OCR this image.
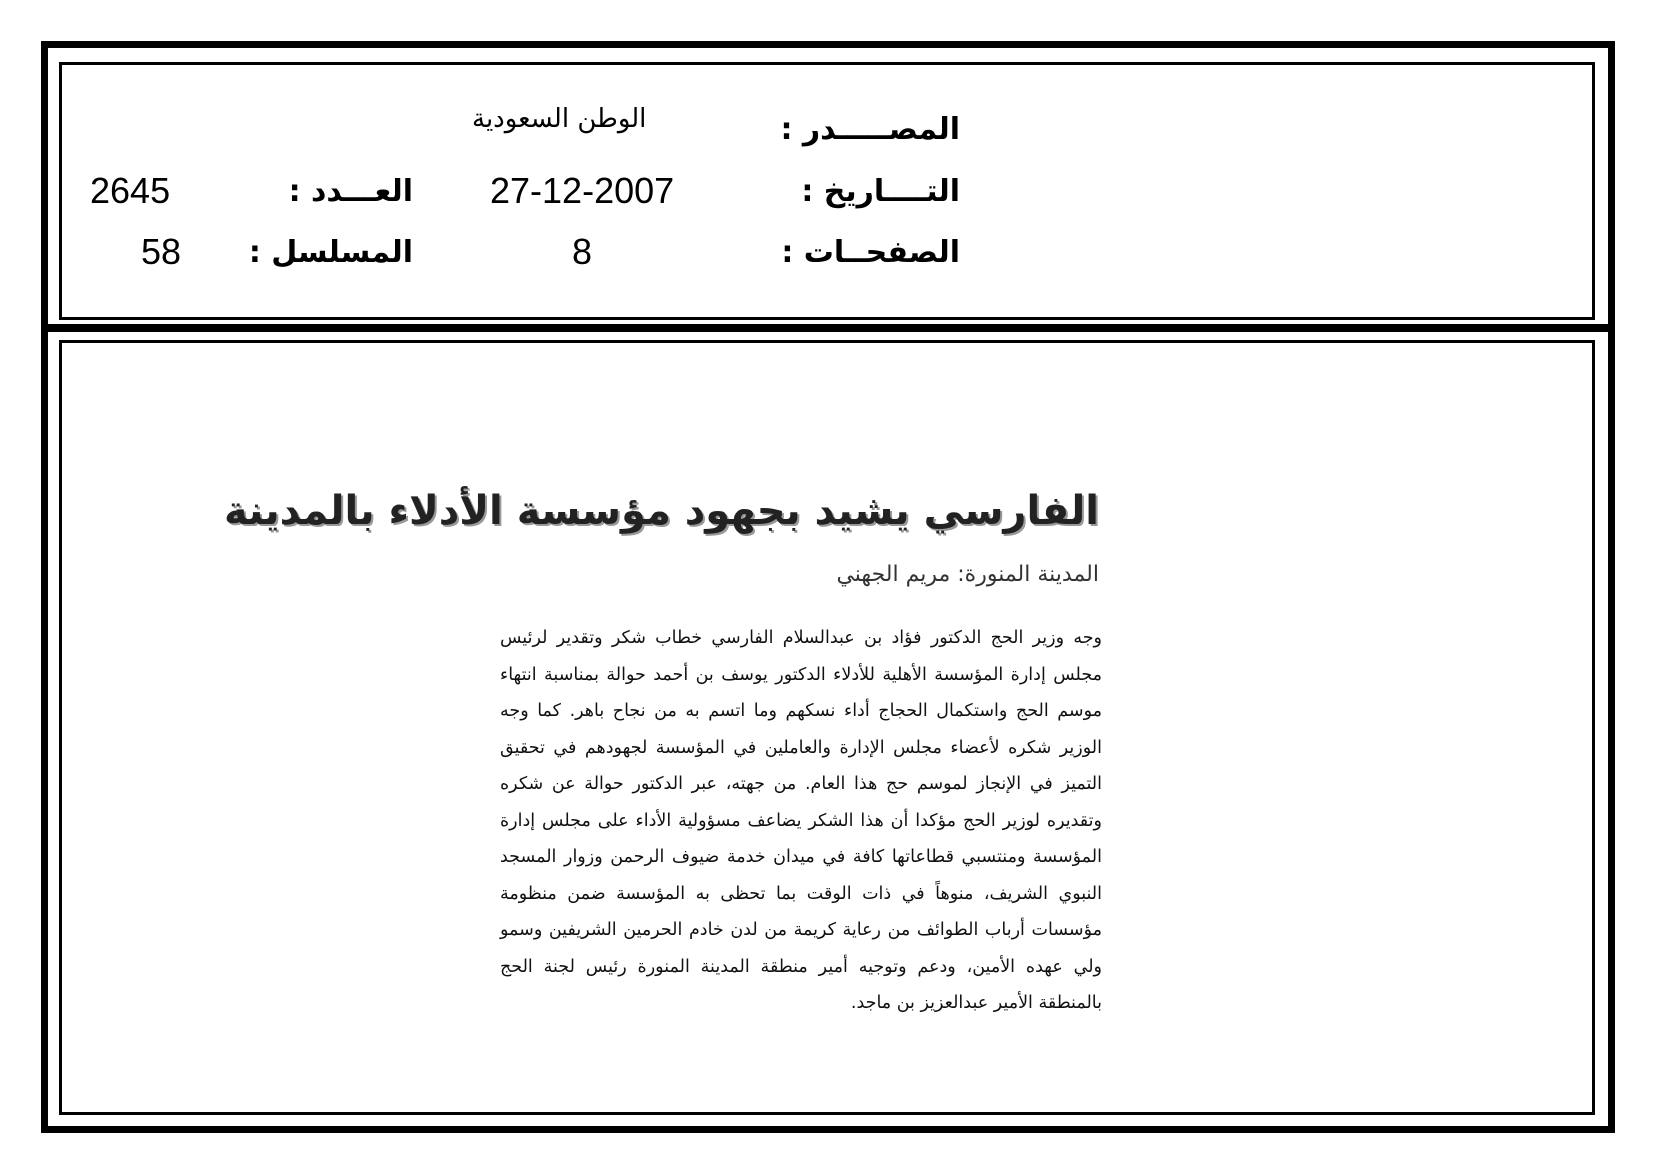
المصـــــدر :
الوطن السعودية
التــــاريخ :
27-12-2007
العـــدد :
2645
الصفحــات :
8
المسلسل :
58
الفارسي يشيد بجهود مؤسسة الأدلاء بالمدينة
المدينة المنورة: مريم الجهني
وجه وزير الحج الدكتور فؤاد بن عبدالسلام الفارسي خطاب شكر وتقدير لرئيس مجلس إدارة المؤسسة الأهلية للأدلاء الدكتور يوسف بن أحمد حوالة بمناسبة انتهاء موسم الحج واستكمال الحجاج أداء نسكهم وما اتسم به من نجاح باهر. كما وجه الوزير شكره لأعضاء مجلس الإدارة والعاملين في المؤسسة لجهودهم في تحقيق التميز في الإنجاز لموسم حج هذا العام. من جهته، عبر الدكتور حوالة عن شكره وتقديره لوزير الحج مؤكدا أن هذا الشكر يضاعف مسؤولية الأداء على مجلس إدارة المؤسسة ومنتسبي قطاعاتها كافة في ميدان خدمة ضيوف الرحمن وزوار المسجد النبوي الشريف، منوهاً في ذات الوقت بما تحظى به المؤسسة ضمن منظومة مؤسسات أرباب الطوائف من رعاية كريمة من لدن خادم الحرمين الشريفين وسمو ولي عهده الأمين، ودعم وتوجيه أمير منطقة المدينة المنورة رئيس لجنة الحج بالمنطقة الأمير عبدالعزيز بن ماجد.
